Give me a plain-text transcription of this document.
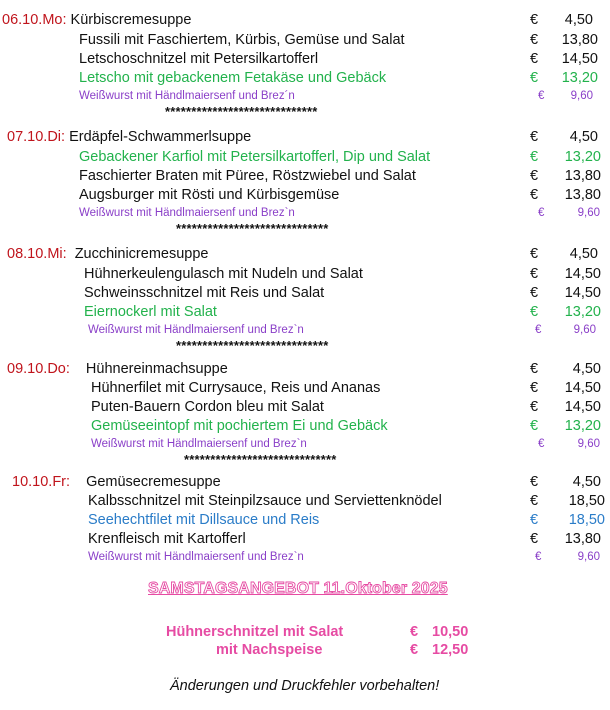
06.10.Mo: Kürbiscremesuppe	€	4,50
Fussili mit Faschiertem, Kürbis, Gemüse und Salat	€	13,80
Letschoschnitzel mit Petersilkartofferl	€	14,50
Letscho mit gebackenem Fetakäse und Gebäck	€	13,20
Weißwurst mit Händlmaiersenf und Brez´n	€	9,60
*****************************
07.10.Di: Erdäpfel-Schwammerlsuppe	€	4,50
Gebackener Karfiol mit Petersilkartofferl, Dip und Salat	€	13,20
Faschierter Braten mit Püree, Röstzwiebel und Salat	€	13,80
Augsburger mit Rösti und Kürbisgemüse	€	13,80
Weißwurst mit Händlmaiersenf und Brez`n	€	9,60
*****************************
08.10.Mi: Zucchinicremesuppe	€	4,50
Hühnerkeulengulasch mit Nudeln und Salat	€	14,50
Schweinsschnitzel mit Reis und Salat	€	14,50
Eiernockerl mit Salat	€	13,20
Weißwurst mit Händlmaiersenf und Brez`n	€	9,60
*****************************
09.10.Do: Hühnereinmachsuppe	€	4,50
Hühnerfilet mit Currysauce, Reis und Ananas	€	14,50
Puten-Bauern Cordon bleu mit Salat	€	14,50
Gemüseeintopf mit pochiertem Ei und Gebäck	€	13,20
Weißwurst mit Händlmaiersenf und Brez`n	€	9,60
*****************************
10.10.Fr: Gemüsecremesuppe	€	4,50
Kalbsschnitzel mit Steinpilzsauce und Serviettenknödel	€	18,50
Seehechtfilet mit Dillsauce und Reis	€	18,50
Krenfleisch mit Kartofferl	€	13,80
Weißwurst mit Händlmaiersenf und Brez`n	€	9,60
SAMSTAGSANGEBOT 11.Oktober 2025
Hühnerschnitzel mit Salat	€ 10,50
mit Nachspeise	€ 12,50
Änderungen und Druckfehler vorbehalten!
